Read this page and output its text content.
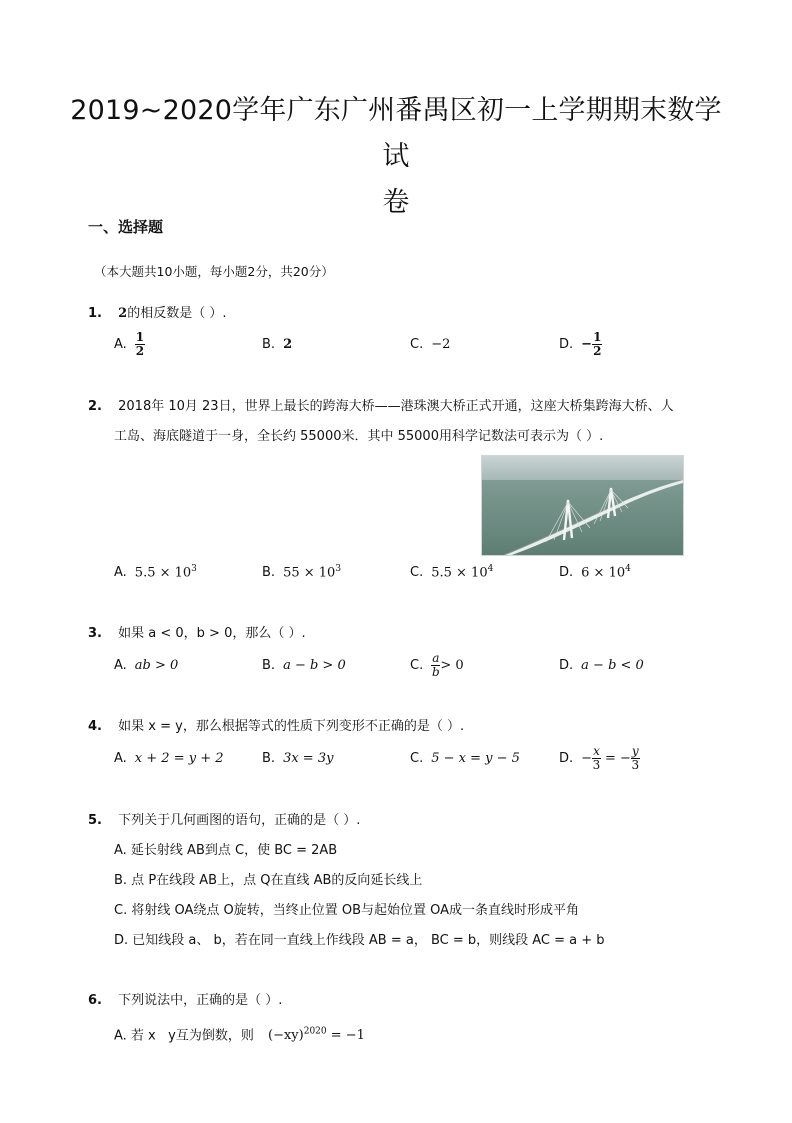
2019~2020学年广东广州番禺区初一上学期期末数学试
卷
一、选择题
（本大题共10小题，每小题2分，共20分）
1. 2的相反数是（ ）.
A. $\frac{1}{2}$	B. 2	C. −2	D. − $\frac{1}{2}$
2. 2018年 10月 23日，世界上最长的跨海大桥——港珠澳大桥正式开通，这座大桥集跨海大桥、人
工岛、海底隧道于一身，全长约 55000米．其中 55000用科学记数法可表示为（ ）.
A. $5.5 \times 10^3$	B. $55 \times 10^3$	C. $5.5 \times 10^4$	D. $6 \times 10^4$
3. 如果 a < 0，b > 0，那么（ ）.
A. ab > 0	B. a − b > 0	C. $\frac{a}{b} > 0$	D. a − b < 0
4. 如果 x = y，那么根据等式的性质下列变形不正确的是（ ）.
A. x + 2 = y + 2	B. 3x = 3y	C. 5 − x = y − 5	D. − $\frac{x}{3}$ = − $\frac{y}{3}$
5. 下列关于几何画图的语句，正确的是（ ）.
A. 延长射线 AB到点 C，使 BC = 2AB
B. 点 P在线段 AB上，点 Q在直线 AB的反向延长线上
C. 将射线 OA绕点 O旋转，当终止位置 OB与起始位置 OA成一条直线时形成平角
D. 已知线段 a、 b，若在同一直线上作线段 AB = a， BC = b，则线段 AC = a + b
6. 下列说法中，正确的是（ ）.
A. 若 x   y互为倒数，则 $(-xy)^{2020} = -1$
